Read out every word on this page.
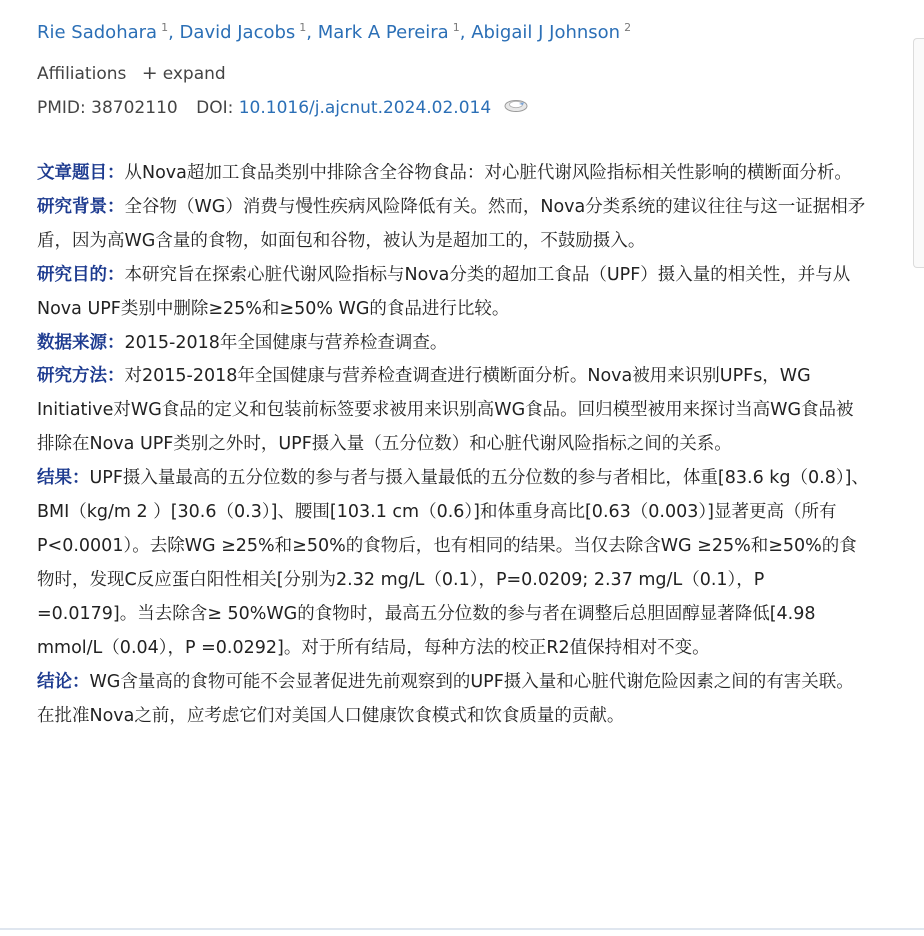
Rie Sadohara $^1$, David Jacobs $^1$, Mark A Pereira $^1$, Abigail J Johnson $^2$
Affiliations + expand
PMID: 38702110 DOI: 10.1016/j.ajcnut.2024.02.014

文章题目：从Nova超加工食品类别中排除含全谷物食品：对心脏代谢风险指标相关性影响的横断面分析。

研究背景：全谷物（WG）消费与慢性疾病风险降低有关。然而，Nova分类系统的建议往往与这一证据相矛盾，因为高WG含量的食物，如面包和谷物，被认为是超加工的，不鼓励摄入。

研究目的：本研究旨在探索心脏代谢风险指标与Nova分类的超加工食品（UPF）摄入量的相关性，并与从Nova UPF类别中删除≥25%和≥50% WG的食品进行比较。

数据来源：2015-2018年全国健康与营养检查调查。

研究方法：对2015-2018年全国健康与营养检查调查进行横断面分析。Nova被用来识别UPFs，WG Initiative对WG食品的定义和包装前标签要求被用来识别高WG食品。回归模型被用来探讨当高WG食品被排除在Nova UPF类别之外时，UPF摄入量（五分位数）和心脏代谢风险指标之间的关系。

结果：UPF摄入量最高的五分位数的参与者与摄入量最低的五分位数的参与者相比，体重[83.6 kg（0.8）]、BMI（kg/m 2 ）[30.6（0.3）]、腰围[103.1 cm（0.6）]和体重身高比[0.63（0.003）]显著更高（所有P<0.0001）。去除WG ≥25%和≥50%的食物后，也有相同的结果。当仅去除含WG ≥25%和≥50%的食物时，发现C反应蛋白阳性相关[分别为2.32 mg/L（0.1），P=0.0209; 2.37 mg/L（0.1），P =0.0179]。当去除含≥ 50%WG的食物时，最高五分位数的参与者在调整后总胆固醇显著降低[4.98 mmol/L（0.04），P =0.0292]。对于所有结局，每种方法的校正R2值保持相对不变。

结论：WG含量高的食物可能不会显著促进先前观察到的UPF摄入量和心脏代谢危险因素之间的有害关联。在批准Nova之前，应考虑它们对美国人口健康饮食模式和饮食质量的贡献。
